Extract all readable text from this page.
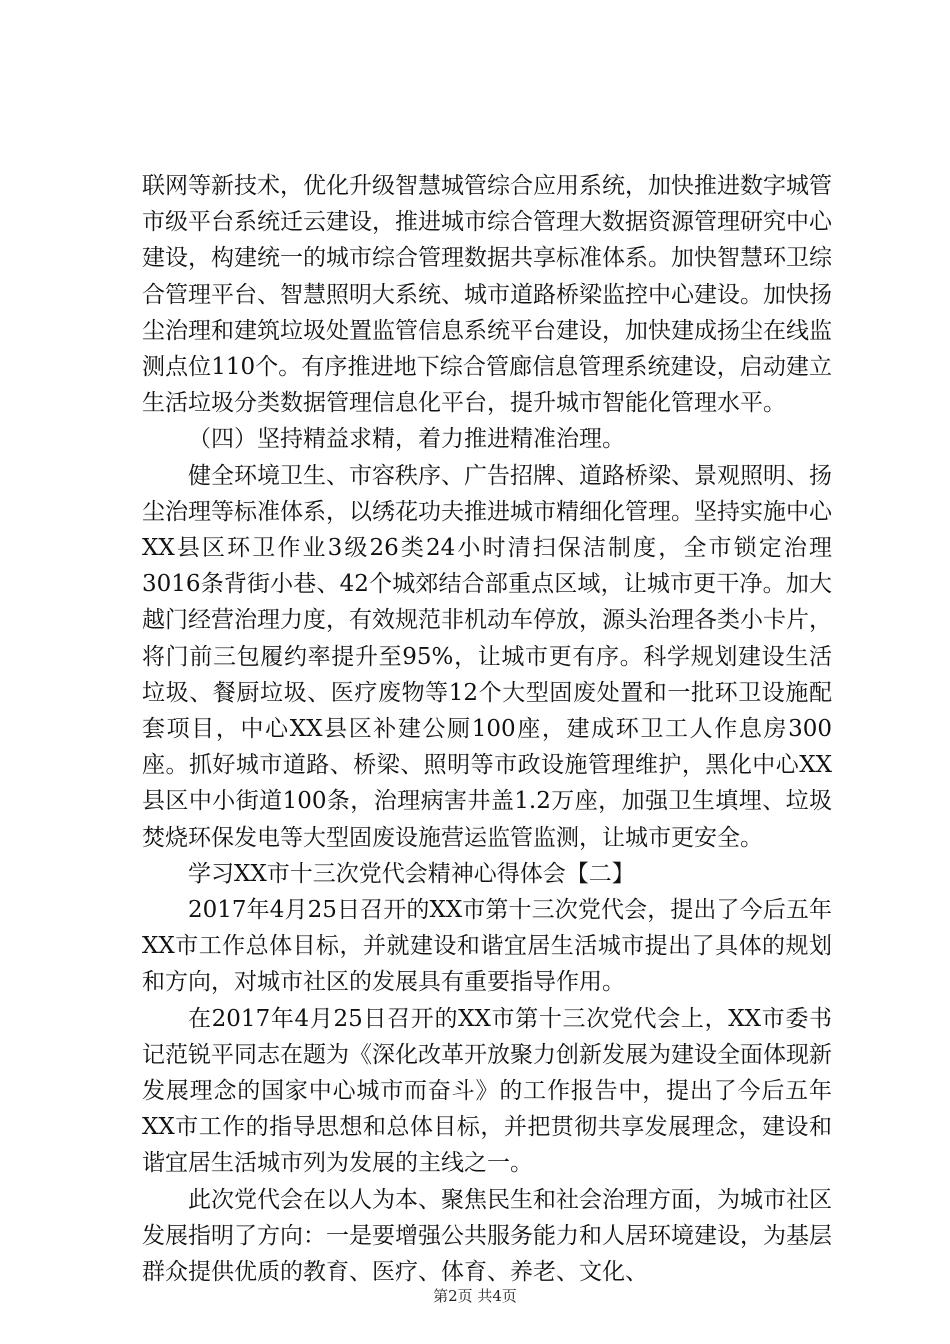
联网等新技术，优化升级智慧城管综合应用系统，加快推进数字城管市级平台系统迁云建设，推进城市综合管理大数据资源管理研究中心建设，构建统一的城市综合管理数据共享标准体系。加快智慧环卫综合管理平台、智慧照明大系统、城市道路桥梁监控中心建设。加快扬尘治理和建筑垃圾处置监管信息系统平台建设，加快建成扬尘在线监测点位110个。有序推进地下综合管廊信息管理系统建设，启动建立生活垃圾分类数据管理信息化平台，提升城市智能化管理水平。

（四）坚持精益求精，着力推进精准治理。

健全环境卫生、市容秩序、广告招牌、道路桥梁、景观照明、扬尘治理等标准体系，以绣花功夫推进城市精细化管理。坚持实施中心XX县区环卫作业3级26类24小时清扫保洁制度，全市锁定治理3016条背街小巷、42个城郊结合部重点区域，让城市更干净。加大越门经营治理力度，有效规范非机动车停放，源头治理各类小卡片，将门前三包履约率提升至95%，让城市更有序。科学规划建设生活垃圾、餐厨垃圾、医疗废物等12个大型固废处置和一批环卫设施配套项目，中心XX县区补建公厕100座，建成环卫工人作息房300座。抓好城市道路、桥梁、照明等市政设施管理维护，黑化中心XX县区中小街道100条，治理病害井盖1.2万座，加强卫生填埋、垃圾焚烧环保发电等大型固废设施营运监管监测，让城市更安全。

学习XX市十三次党代会精神心得体会【二】

2017年4月25日召开的XX市第十三次党代会，提出了今后五年XX市工作总体目标，并就建设和谐宜居生活城市提出了具体的规划和方向，对城市社区的发展具有重要指导作用。

在2017年4月25日召开的XX市第十三次党代会上，XX市委书记范锐平同志在题为《深化改革开放聚力创新发展为建设全面体现新发展理念的国家中心城市而奋斗》的工作报告中，提出了今后五年XX市工作的指导思想和总体目标，并把贯彻共享发展理念，建设和谐宜居生活城市列为发展的主线之一。

此次党代会在以人为本、聚焦民生和社会治理方面，为城市社区发展指明了方向：一是要增强公共服务能力和人居环境建设，为基层群众提供优质的教育、医疗、体育、养老、文化、

第2页 共4页
